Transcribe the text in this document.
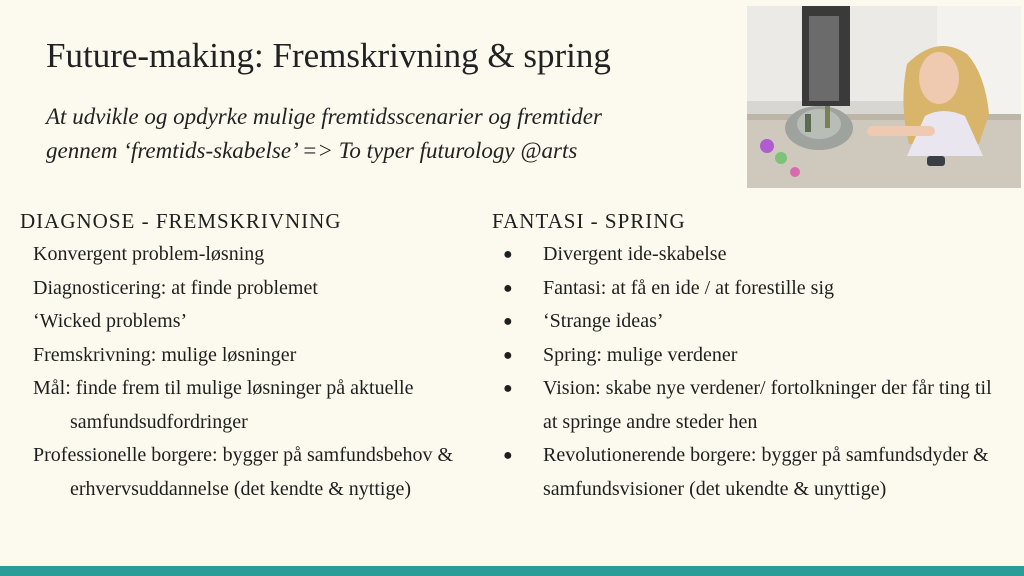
Future-making: Fremskrivning & spring
At udvikle og opdyrke mulige fremtidsscenarier og fremtider
gennem ‘fremtids-skabelse’ => To typer futurology @arts
DIAGNOSE - FREMSKRIVNING
Konvergent problem-løsning
Diagnosticering: at finde problemet
‘Wicked problems’
Fremskrivning: mulige løsninger
Mål: finde frem til mulige løsninger på aktuelle samfundsudfordringer
Professionelle borgere: bygger på samfundsbehov & erhvervsuddannelse (det kendte & nyttige)
FANTASI - SPRING
● Divergent ide-skabelse
● Fantasi: at få en ide / at forestille sig
● ‘Strange ideas’
● Spring: mulige verdener
● Vision: skabe nye verdener/ fortolkninger der får ting til at springe andre steder hen
● Revolutionerende borgere: bygger på samfundsdyder & samfundsvisioner (det ukendte & unyttige)
